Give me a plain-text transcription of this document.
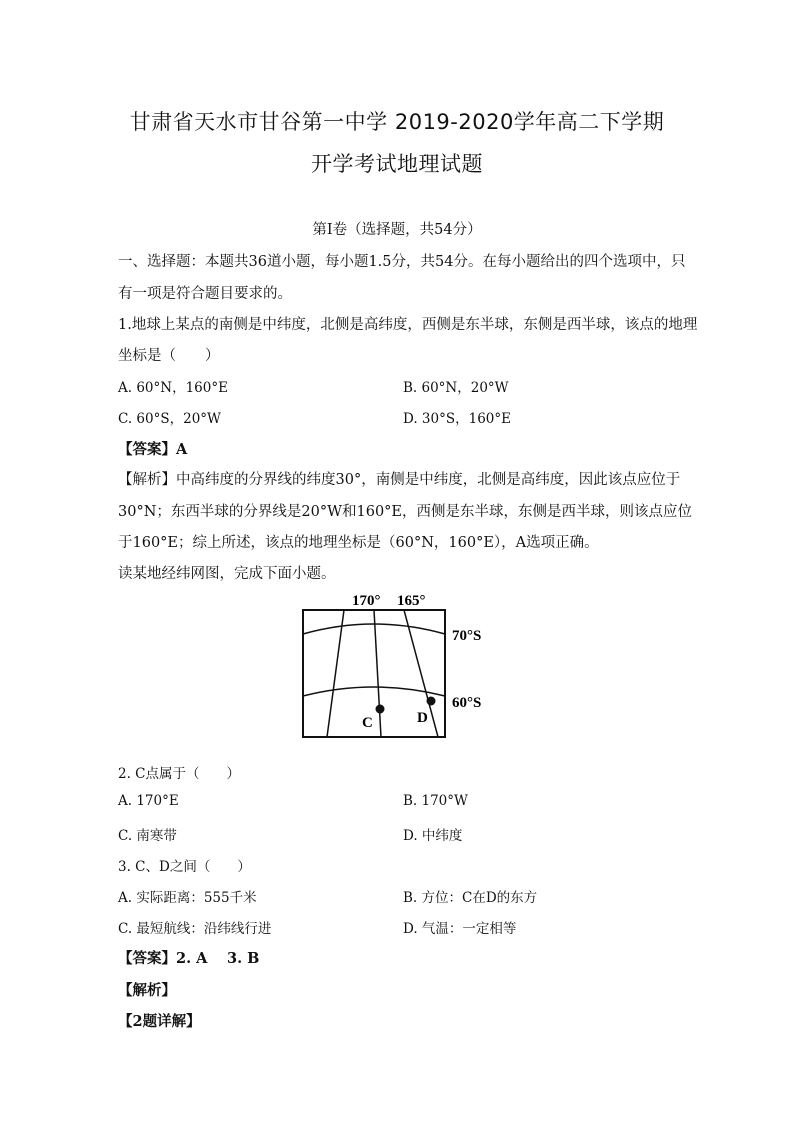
甘肃省天水市甘谷第一中学 2019-2020学年高二下学期
开学考试地理试题
第Ⅰ卷（选择题，共54分）
一、选择题：本题共36道小题，每小题1.5分，共54分。在每小题给出的四个选项中，只
有一项是符合题目要求的。
1.地球上某点的南侧是中纬度，北侧是高纬度，西侧是东半球，东侧是西半球，该点的地理
坐标是（　　）
A. 60°N，160°E	B. 60°N，20°W
C. 60°S，20°W	D. 30°S，160°E
【答案】A
【解析】中高纬度的分界线的纬度30°，南侧是中纬度，北侧是高纬度，因此该点应位于
30°N；东西半球的分界线是20°W和160°E，西侧是东半球，东侧是西半球，则该点应位
于160°E；综上所述，该点的地理坐标是（60°N，160°E），A选项正确。
读某地经纬网图，完成下面小题。
170° 165°
70°S
60°S
C	D
2. C点属于（　　）
A. 170°E	B. 170°W
C. 南寒带	D. 中纬度
3. C、D之间（　　）
A. 实际距离：555千米	B. 方位：C在D的东方
C. 最短航线：沿纬线行进	D. 气温：一定相等
【答案】2. A　 3. B
【解析】
【2题详解】
